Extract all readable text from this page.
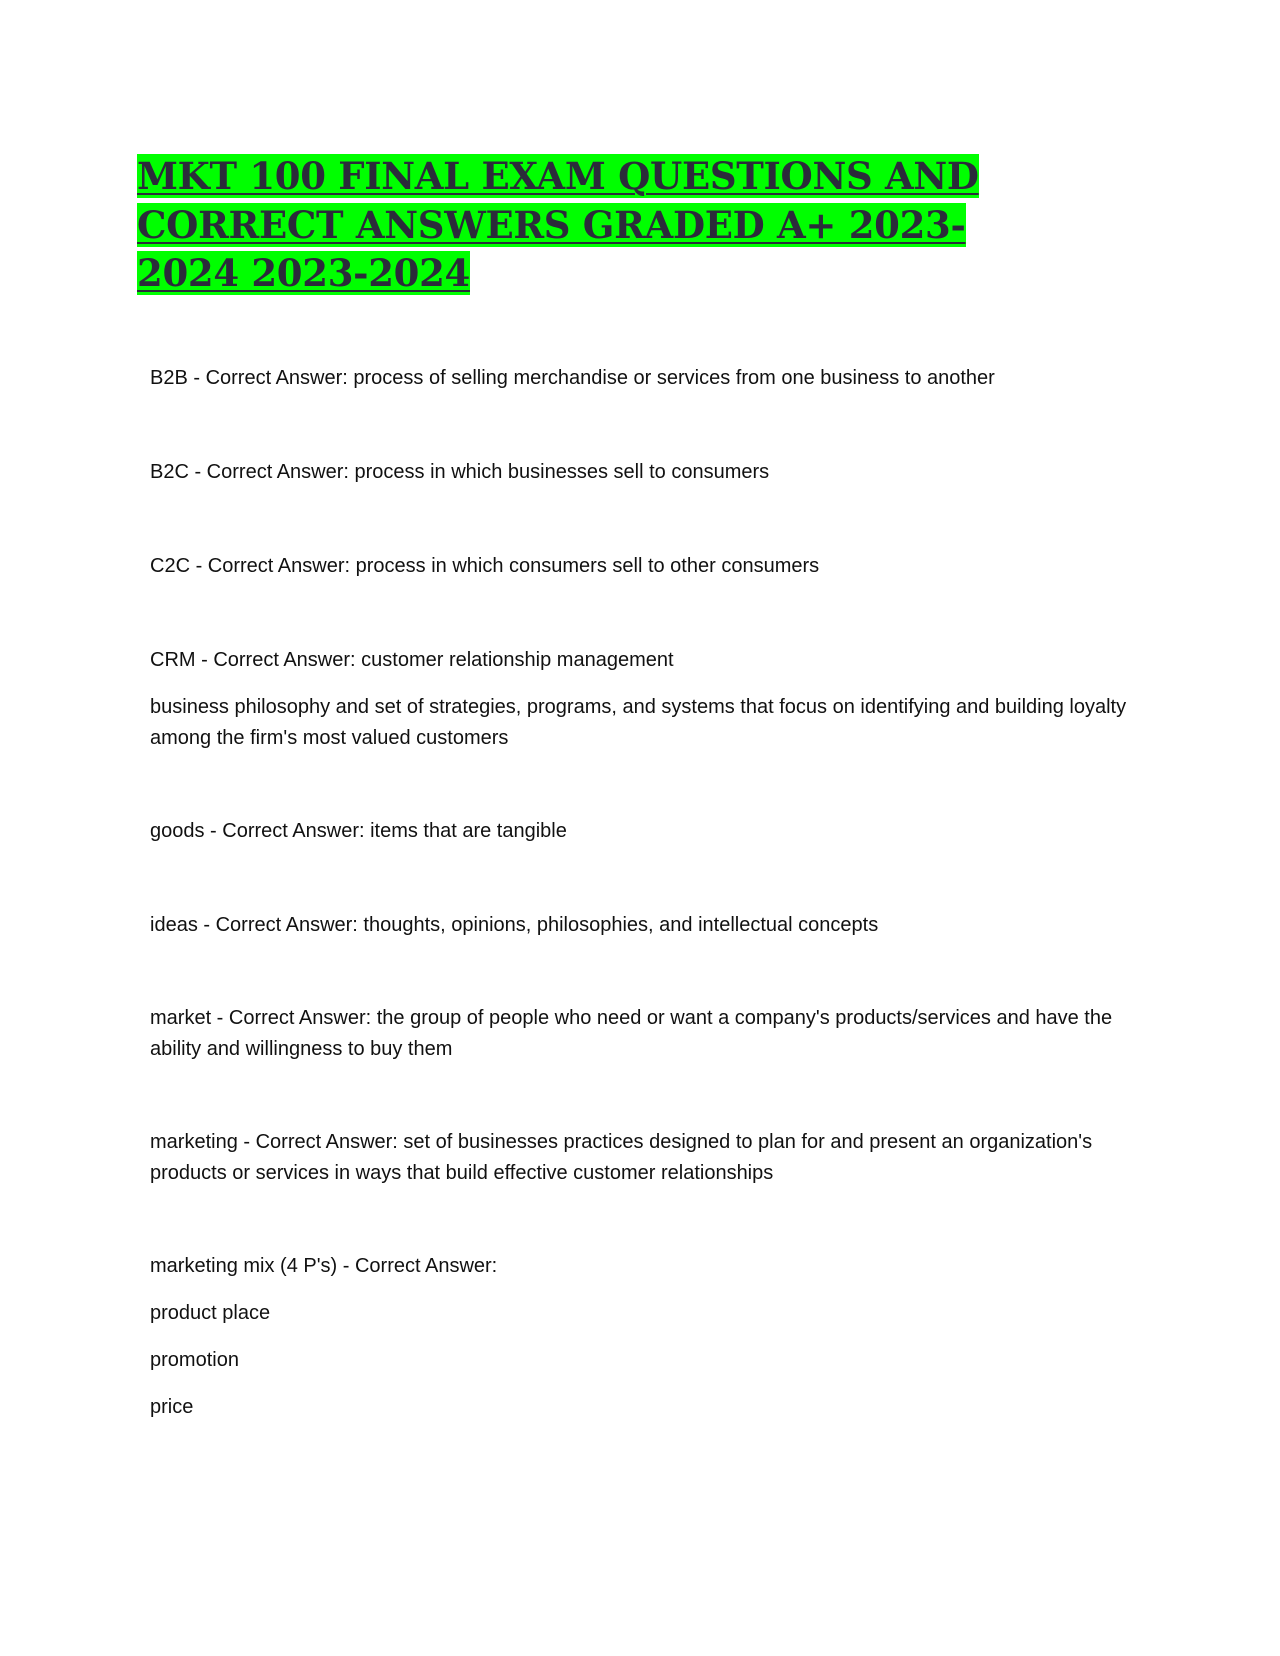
MKT 100 FINAL EXAM QUESTIONS AND CORRECT ANSWERS GRADED A+ 2023-2024 2023-2024

B2B - Correct Answer: process of selling merchandise or services from one business to another

B2C - Correct Answer: process in which businesses sell to consumers

C2C - Correct Answer: process in which consumers sell to other consumers

CRM - Correct Answer: customer relationship management

business philosophy and set of strategies, programs, and systems that focus on identifying and building loyalty among the firm's most valued customers

goods - Correct Answer: items that are tangible

ideas - Correct Answer: thoughts, opinions, philosophies, and intellectual concepts

market - Correct Answer: the group of people who need or want a company's products/services and have the ability and willingness to buy them

marketing - Correct Answer: set of businesses practices designed to plan for and present an organization's products or services in ways that build effective customer relationships

marketing mix (4 P's) - Correct Answer:

product place

promotion

price
